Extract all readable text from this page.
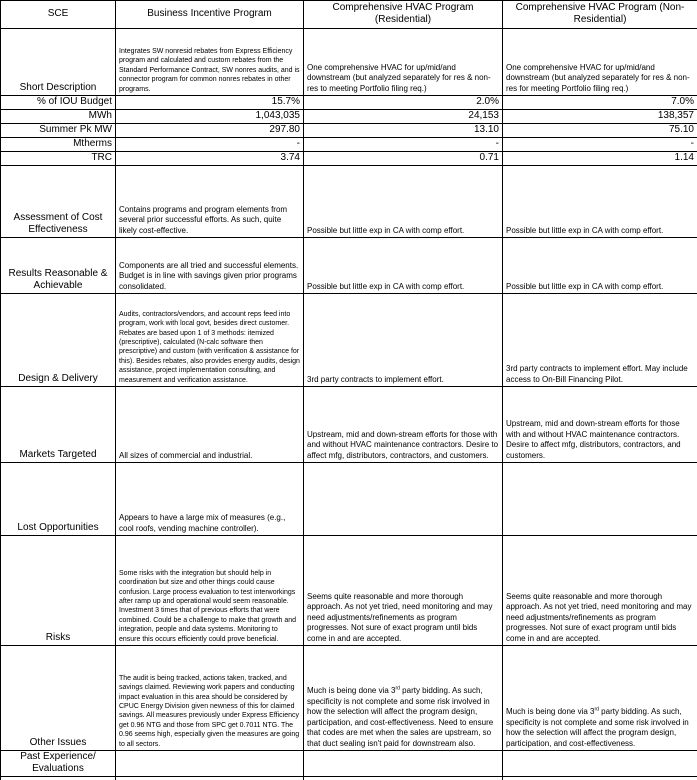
SCE	Business Incentive Program	Comprehensive HVAC Program (Residential)	Comprehensive HVAC Program (Non-Residential)
Short Description	Integrates SW nonresid rebates from Express Efficiency program and calculated and custom rebates from the Standard Performance Contract, SW nonres audits, and is connector program for common nonres rebates in other programs.	One comprehensive HVAC for up/mid/and downstream (but analyzed separately for res & non-res to meeting Portfolio filing req.)	One comprehensive HVAC for up/mid/and downstream (but analyzed separately for res & non-res for meeting Portfolio filing req.)
% of IOU Budget	15.7%	2.0%	7.0%
MWh	1,043,035	24,153	138,357
Summer Pk MW	297.80	13.10	75.10
Mtherms	-	-	-
TRC	3.74	0.71	1.14
Assessment of Cost Effectiveness	Contains programs and program elements from several prior successful efforts. As such, quite likely cost-effective.	Possible but little exp in CA with comp effort.	Possible but little exp in CA with comp effort.
Results Reasonable & Achievable	Components are all tried and successful elements. Budget is in line with savings given prior programs consolidated.	Possible but little exp in CA with comp effort.	Possible but little exp in CA with comp effort.
Design & Delivery	Audits, contractors/vendors, and account reps feed into program, work with local govt, besides direct customer. Rebates are based upon 1 of 3 methods: itemized (prescriptive), calculated (N-calc software then prescriptive) and custom (with verification & assistance for this). Besides rebates, also provides energy audits, design assistance, project implementation consulting, and measurement and verification assistance.	3rd party contracts to implement effort.	3rd party contracts to implement effort. May include access to On-Bill Financing Pilot.
Markets Targeted	All sizes of commercial and industrial.	Upstream, mid and down-stream efforts for those with and without HVAC maintenance contractors. Desire to affect mfg, distributors, contractors, and customers.	Upstream, mid and down-stream efforts for those with and without HVAC maintenance contractors. Desire to affect mfg, distributors, contractors, and customers.
Lost Opportunities	Appears to have a large mix of measures (e.g., cool roofs, vending machine controller).		
Risks	Some risks with the integration but should help in coordination but size and other things could cause confusion. Large process evaluation to test interworkings after ramp up and operational would seem reasonable. Investment 3 times that of previous efforts that were combined. Could be a challenge to make that growth and integration, people and data systems. Monitoring to ensure this occurs efficiently could prove beneficial.	Seems quite reasonable and more thorough approach. As not yet tried, need monitoring and may need adjustments/refinements as program progresses. Not sure of exact program until bids come in and are accepted.	Seems quite reasonable and more thorough approach. As not yet tried, need monitoring and may need adjustments/refinements as program progresses. Not sure of exact program until bids come in and are accepted.
Other Issues	The audit is being tracked, actions taken, tracked, and savings claimed. Reviewing work papers and conducting impact evaluation in this area should be considered by CPUC Energy Division given newness of this for claimed savings. All measures previously under Express Efficiency get 0.96 NTG and those from SPC get 0.7011 NTG. The 0.96 seems high, especially given the measures are going to all sectors.	Much is being done via 3rd party bidding. As such, specificity is not complete and some risk involved in how the selection will affect the program design, participation, and cost-effectiveness. Need to ensure that codes are met when the sales are upstream, so that duct sealing isn't paid for downstream also.	Much is being done via 3rd party bidding. As such, specificity is not complete and some risk involved in how the selection will affect the program design, participation, and cost-effectiveness.
Past Experience/ Evaluations			
